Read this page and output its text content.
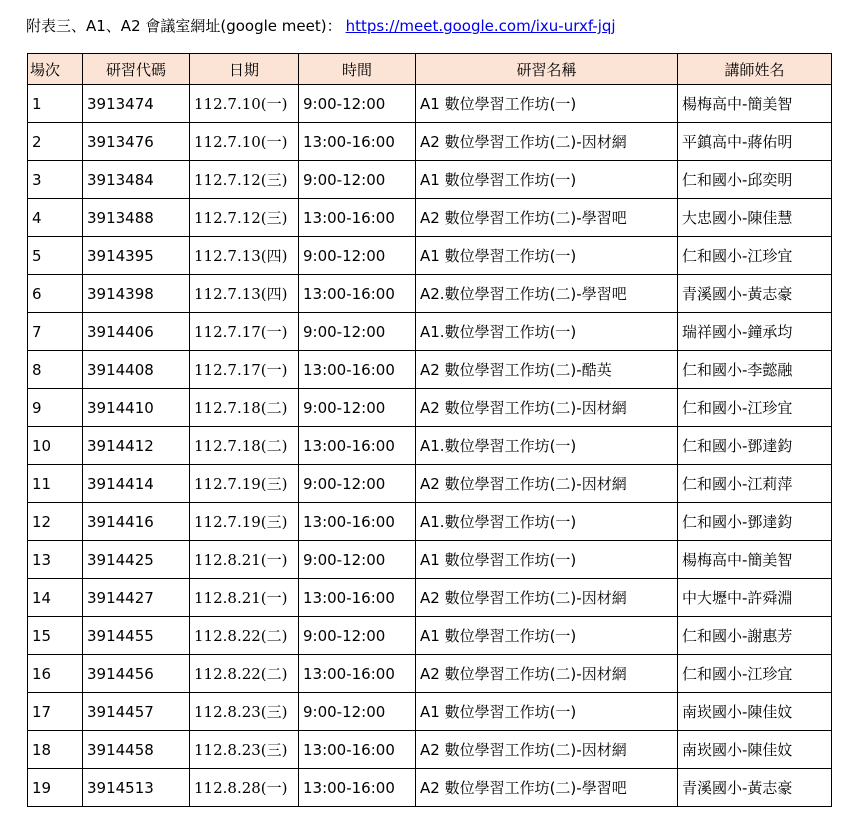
附表三、A1、A2 會議室網址(google meet)： https://meet.google.com/ixu-urxf-jqj
場次	研習代碼	日期	時間	研習名稱	講師姓名
1	3913474	112.7.10(一)	9:00-12:00	A1 數位學習工作坊(一)	楊梅高中-簡美智
2	3913476	112.7.10(一)	13:00-16:00	A2 數位學習工作坊(二)-因材網	平鎮高中-蔣佑明
3	3913484	112.7.12(三)	9:00-12:00	A1 數位學習工作坊(一)	仁和國小-邱奕明
4	3913488	112.7.12(三)	13:00-16:00	A2 數位學習工作坊(二)-學習吧	大忠國小-陳佳慧
5	3914395	112.7.13(四)	9:00-12:00	A1 數位學習工作坊(一)	仁和國小-江珍宜
6	3914398	112.7.13(四)	13:00-16:00	A2.數位學習工作坊(二)-學習吧	青溪國小-黃志豪
7	3914406	112.7.17(一)	9:00-12:00	A1.數位學習工作坊(一)	瑞祥國小-鐘承均
8	3914408	112.7.17(一)	13:00-16:00	A2 數位學習工作坊(二)-酷英	仁和國小-李懿融
9	3914410	112.7.18(二)	9:00-12:00	A2 數位學習工作坊(二)-因材網	仁和國小-江珍宜
10	3914412	112.7.18(二)	13:00-16:00	A1.數位學習工作坊(一)	仁和國小-鄧達鈞
11	3914414	112.7.19(三)	9:00-12:00	A2 數位學習工作坊(二)-因材網	仁和國小-江莉萍
12	3914416	112.7.19(三)	13:00-16:00	A1.數位學習工作坊(一)	仁和國小-鄧達鈞
13	3914425	112.8.21(一)	9:00-12:00	A1 數位學習工作坊(一)	楊梅高中-簡美智
14	3914427	112.8.21(一)	13:00-16:00	A2 數位學習工作坊(二)-因材網	中大壢中-許舜淵
15	3914455	112.8.22(二)	9:00-12:00	A1 數位學習工作坊(一)	仁和國小-謝惠芳
16	3914456	112.8.22(二)	13:00-16:00	A2 數位學習工作坊(二)-因材網	仁和國小-江珍宜
17	3914457	112.8.23(三)	9:00-12:00	A1 數位學習工作坊(一)	南崁國小-陳佳妏
18	3914458	112.8.23(三)	13:00-16:00	A2 數位學習工作坊(二)-因材網	南崁國小-陳佳妏
19	3914513	112.8.28(一)	13:00-16:00	A2 數位學習工作坊(二)-學習吧	青溪國小-黃志豪
